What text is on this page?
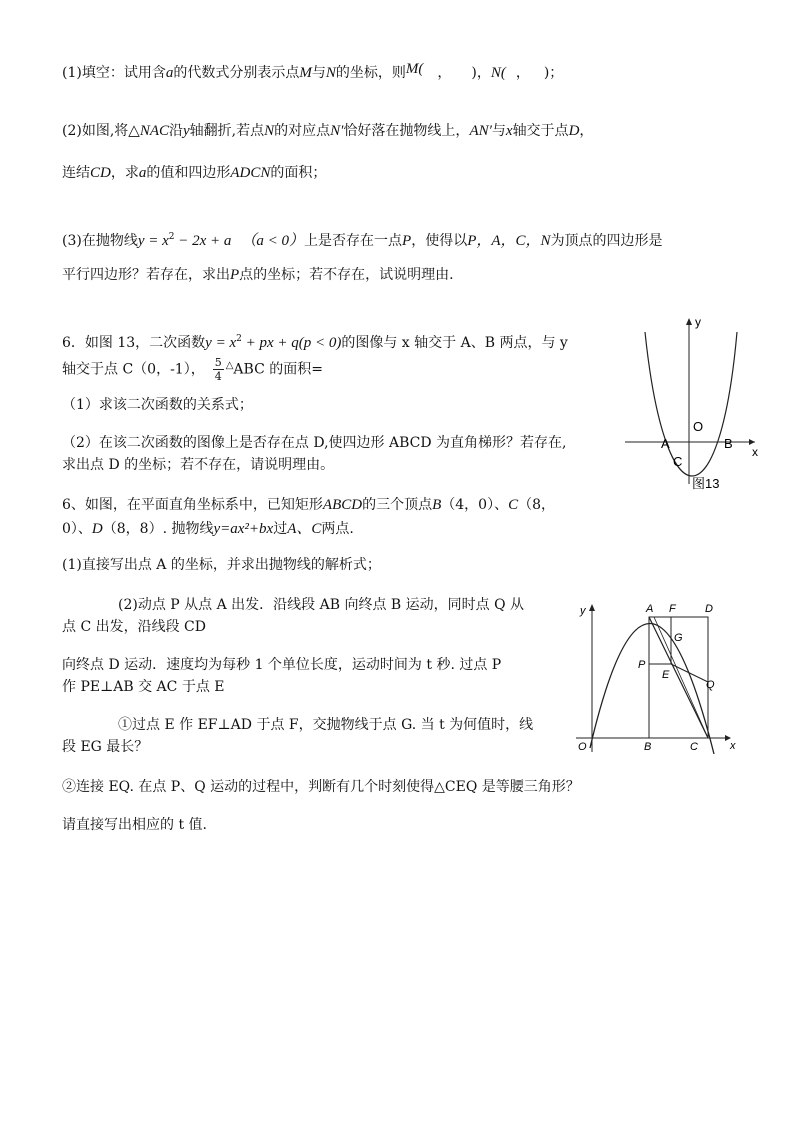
(1)填空：试用含a的代数式分别表示点M与N的坐标，则M( ， )，N( ， )；
(2)如图,将△NAC沿y轴翻折,若点N的对应点N′恰好落在抛物线上，AN′与x轴交于点D，
连结CD，求a的值和四边形ADCN的面积；
(3)在抛物线$y = x^2 - 2x + a$ （a < 0）上是否存在一点P，使得以P，A，C，N为顶点的四边形是
平行四边形？若存在，求出P点的坐标；若不存在，试说明理由.
6．如图 13，二次函数$y = x^2$ + px + q(p < 0)的图像与 x 轴交于 A、B 两点，与 y
轴交于点 C（0，-1）， $\frac{5}{4} ^\triangle ABC$ 的面积=
（1）求该二次函数的关系式；
（2）在该二次函数的图像上是否存在点 D,使四边形 ABCD 为直角梯形？若存在,
求出点 D 的坐标；若不存在，请说明理由。
y
x
O
A	B
C
图13
6、如图，在平面直角坐标系中，已知矩形ABCD的三个顶点B（4，0）、C（8，
0）、D（8，8）. 抛物线y=ax²+bx过A、C两点.
(1)直接写出点 A 的坐标，并求出抛物线的解析式；
(2)动点 P 从点 A 出发．沿线段 AB 向终点 B 运动，同时点 Q 从
点 C 出发，沿线段 CD
向终点 D 运动．速度均为每秒 1 个单位长度，运动时间为 t 秒. 过点 P
作 PE⊥AB 交 AC 于点 E
①过点 E 作 EF⊥AD 于点 F，交抛物线于点 G. 当 t 为何值时，线
段 EG 最长？
②连接 EQ. 在点 P、Q 运动的过程中，判断有几个时刻使得△CEQ 是等腰三角形？
请直接写出相应的 t 值.
y
x
O
A F	D
G
P
E
Q
B	C
